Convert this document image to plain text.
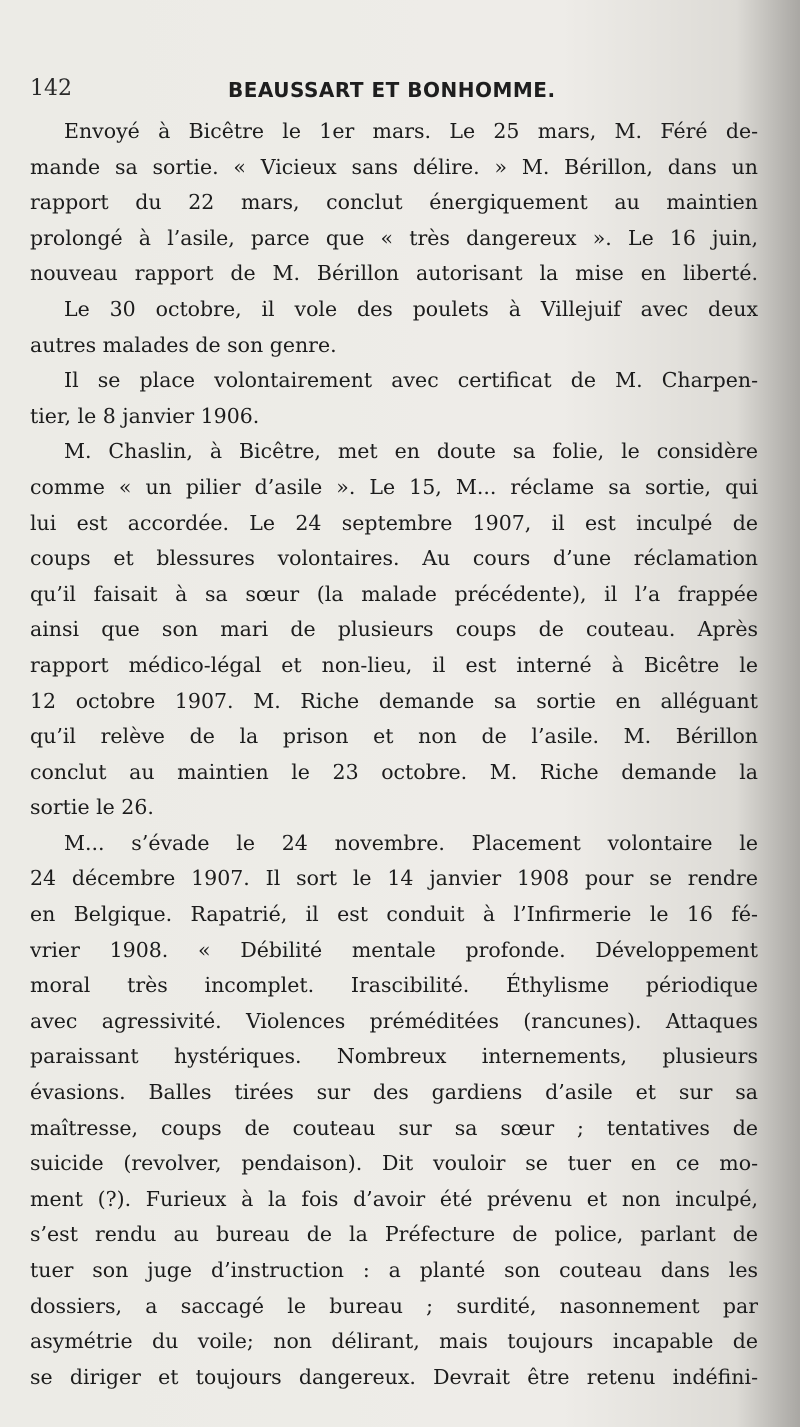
142	BEAUSSART ET BONHOMME.
Envoyé à Bicêtre le 1er mars. Le 25 mars, M. Féré de-
mande sa sortie. « Vicieux sans délire. » M. Bérillon, dans un
rapport du 22 mars, conclut énergiquement au maintien
prolongé à l’asile, parce que « très dangereux ». Le 16 juin,
nouveau rapport de M. Bérillon autorisant la mise en liberté.
Le 30 octobre, il vole des poulets à Villejuif avec deux
autres malades de son genre.
Il se place volontairement avec certificat de M. Charpen-
tier, le 8 janvier 1906.
M. Chaslin, à Bicêtre, met en doute sa folie, le considère
comme « un pilier d’asile ». Le 15, M... réclame sa sortie, qui
lui est accordée. Le 24 septembre 1907, il est inculpé de
coups et blessures volontaires. Au cours d’une réclamation
qu’il faisait à sa sœur (la malade précédente), il l’a frappée
ainsi que son mari de plusieurs coups de couteau. Après
rapport médico-légal et non-lieu, il est interné à Bicêtre le
12 octobre 1907. M. Riche demande sa sortie en alléguant
qu’il relève de la prison et non de l’asile. M. Bérillon
conclut au maintien le 23 octobre. M. Riche demande la
sortie le 26.
M... s’évade le 24 novembre. Placement volontaire le
24 décembre 1907. Il sort le 14 janvier 1908 pour se rendre
en Belgique. Rapatrié, il est conduit à l’Infirmerie le 16 fé-
vrier 1908. « Débilité mentale profonde. Développement
moral très incomplet. Irascibilité. Éthylisme périodique
avec agressivité. Violences préméditées (rancunes). Attaques
paraissant hystériques. Nombreux internements, plusieurs
évasions. Balles tirées sur des gardiens d’asile et sur sa
maîtresse, coups de couteau sur sa sœur ; tentatives de
suicide (revolver, pendaison). Dit vouloir se tuer en ce mo-
ment (?). Furieux à la fois d’avoir été prévenu et non inculpé,
s’est rendu au bureau de la Préfecture de police, parlant de
tuer son juge d’instruction : a planté son couteau dans les
dossiers, a saccagé le bureau ; surdité, nasonnement par
asymétrie du voile; non délirant, mais toujours incapable de
se diriger et toujours dangereux. Devrait être retenu indéfini-
